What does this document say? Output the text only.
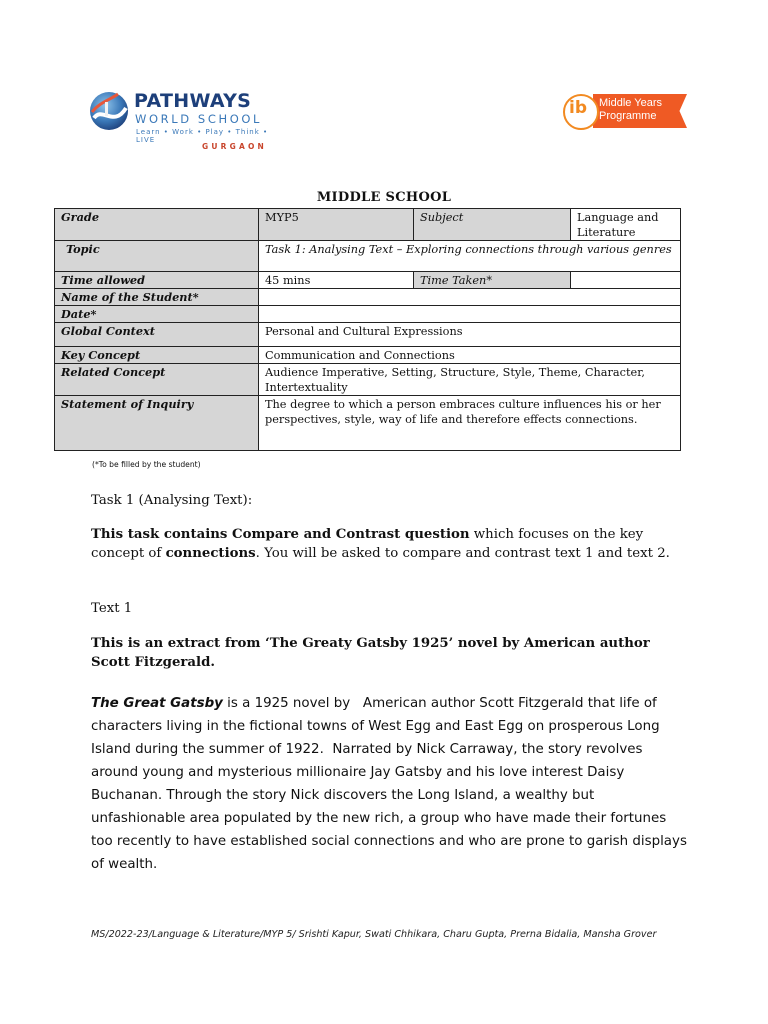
PATHWAYS
WORLD SCHOOL
Learn • Work • Play • Think • LIVE
GURGAON
Middle Years
Programme
ib
MIDDLE SCHOOL
Grade	MYP5	Subject	Language and Literature
Topic	Task 1: Analysing Text – Exploring connections through various genres		
Time allowed	45 mins	Time Taken*	
Name of the Student*			
Date*			
Global Context	Personal and Cultural Expressions		
Key Concept	Communication and Connections		
Related Concept	Audience Imperative, Setting, Structure, Style, Theme, Character, Intertextuality		
Statement of Inquiry	The degree to which a person embraces culture influences his or her perspectives, style, way of life and therefore effects connections.		
(*To be filled by the student)
Task 1 (Analysing Text):
This task contains Compare and Contrast question which focuses on the key concept of connections. You will be asked to compare and contrast text 1 and text 2.
Text 1
This is an extract from ‘The Greaty Gatsby 1925’ novel by American author Scott Fitzgerald.
The Great Gatsby is a 1925 novel by   American author Scott Fitzgerald that life of characters living in the fictional towns of West Egg and East Egg on prosperous Long Island during the summer of 1922.  Narrated by Nick Carraway, the story revolves around young and mysterious millionaire Jay Gatsby and his love interest Daisy Buchanan. Through the story Nick discovers the Long Island, a wealthy but unfashionable area populated by the new rich, a group who have made their fortunes too recently to have established social connections and who are prone to garish displays of wealth.
MS/2022-23/Language & Literature/MYP 5/ Srishti Kapur, Swati Chhikara, Charu Gupta, Prerna Bidalia, Mansha Grover
